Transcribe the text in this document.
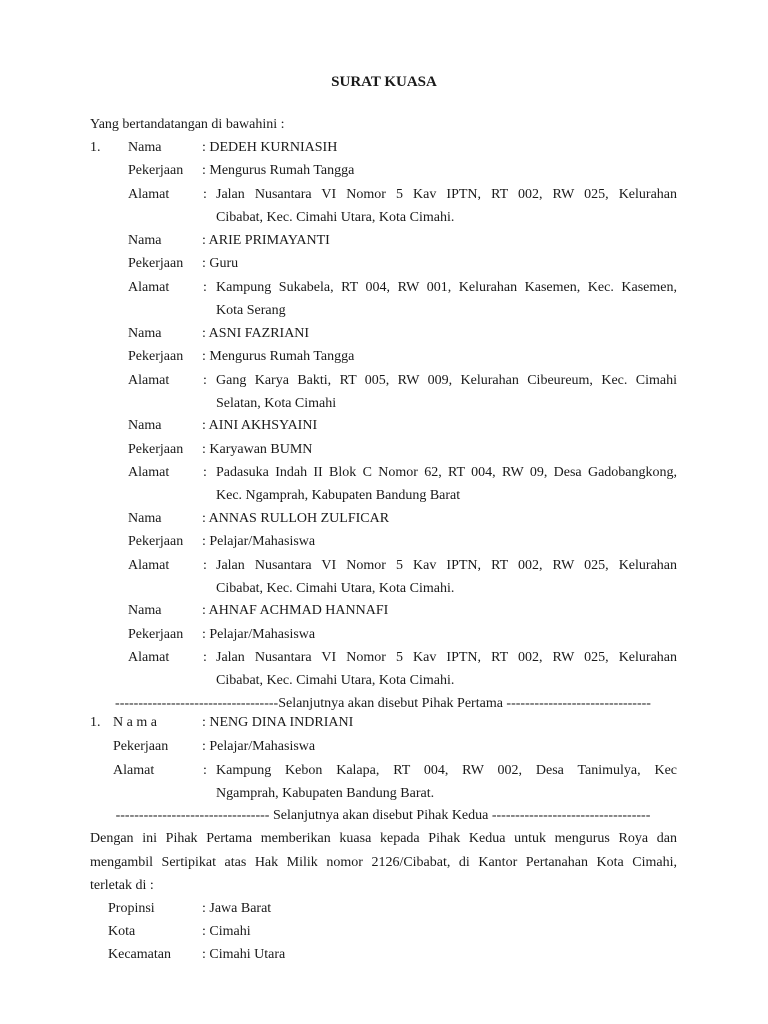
SURAT KUASA
Yang bertandatangan di bawahini :
1. Nama	: DEDEH KURNIASIH
Pekerjaan : Mengurus Rumah Tangga
Alamat : Jalan Nusantara VI Nomor 5 Kav IPTN, RT 002, RW 025, Kelurahan
Cibabat, Kec. Cimahi Utara, Kota Cimahi.
Nama	: ARIE PRIMAYANTI
Pekerjaan : Guru
Alamat : Kampung Sukabela, RT 004, RW 001, Kelurahan Kasemen, Kec. Kasemen,
Kota Serang
Nama	: ASNI FAZRIANI
Pekerjaan : Mengurus Rumah Tangga
Alamat : Gang Karya Bakti, RT 005, RW 009, Kelurahan Cibeureum, Kec. Cimahi
Selatan, Kota Cimahi
Nama	: AINI AKHSYAINI
Pekerjaan : Karyawan BUMN
Alamat : Padasuka Indah II Blok C Nomor 62, RT 004, RW 09, Desa Gadobangkong,
Kec. Ngamprah, Kabupaten Bandung Barat
Nama	: ANNAS RULLOH ZULFICAR
Pekerjaan : Pelajar/Mahasiswa
Alamat : Jalan Nusantara VI Nomor 5 Kav IPTN, RT 002, RW 025, Kelurahan
Cibabat, Kec. Cimahi Utara, Kota Cimahi.
Nama	: AHNAF ACHMAD HANNAFI
Pekerjaan : Pelajar/Mahasiswa
Alamat : Jalan Nusantara VI Nomor 5 Kav IPTN, RT 002, RW 025, Kelurahan
Cibabat, Kec. Cimahi Utara, Kota Cimahi.
-----------------------------------Selanjutnya akan disebut Pihak Pertama -------------------------------
1. N a m a	: NENG DINA INDRIANI
Pekerjaan : Pelajar/Mahasiswa
Alamat	: Kampung Kebon Kalapa, RT 004, RW 002, Desa Tanimulya, Kec
Ngamprah, Kabupaten Bandung Barat.
--------------------------------- Selanjutnya akan disebut Pihak Kedua ----------------------------------
Dengan ini Pihak Pertama memberikan kuasa kepada Pihak Kedua untuk mengurus Roya dan
mengambil Sertipikat atas Hak Milik nomor 2126/Cibabat, di Kantor Pertanahan Kota Cimahi,
terletak di :
Propinsi	: Jawa Barat
Kota	: Cimahi
Kecamatan : Cimahi Utara
